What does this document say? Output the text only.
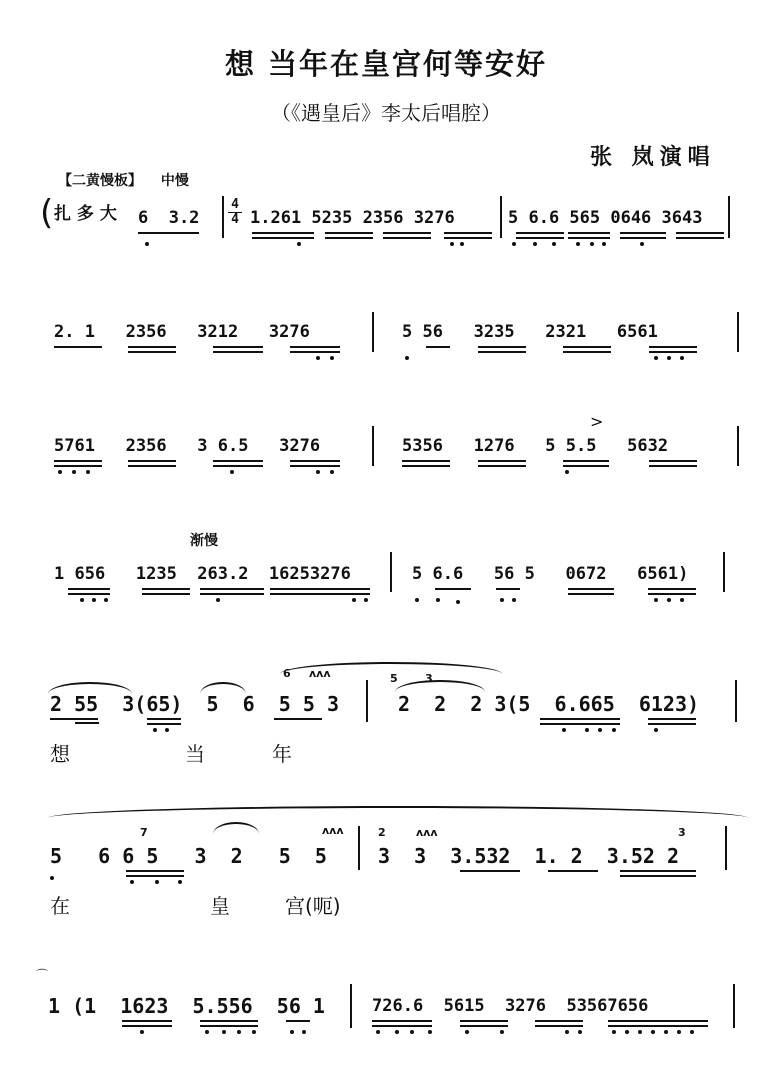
想 当年在皇宫何等安好
（《遇皇后》李太后唱腔）
张 岚演唱
【二黄慢板】 中慢
( 扎 多 大 6  3.2
4
4 1.261 5235 2356 3276	5 6.6 565 0646 3643
2. 1   2356   3212   3276	5 56   3235   2321   6561
5761   2356   3 6.5   3276	5356   1276   5 5.5   5632
>
渐慢
1 656   1235  263.2  16253276	5 6.6   56 5   0672   6561)
6 ʌʌʌ	5 3
2 55  3(65)  5  6  5 5 3	2  2  2 3(5  6.665  6123)
想	当	年
7	ʌʌʌ	2	ʌʌʌ	3
5   6 6 5   3  2   5  5	3  3  3.532  1. 2  3.52 2
在	皇	宫(呃)
⌒
1 (1  1623  5.556  56 1	726.6  5615  3276  53567656
